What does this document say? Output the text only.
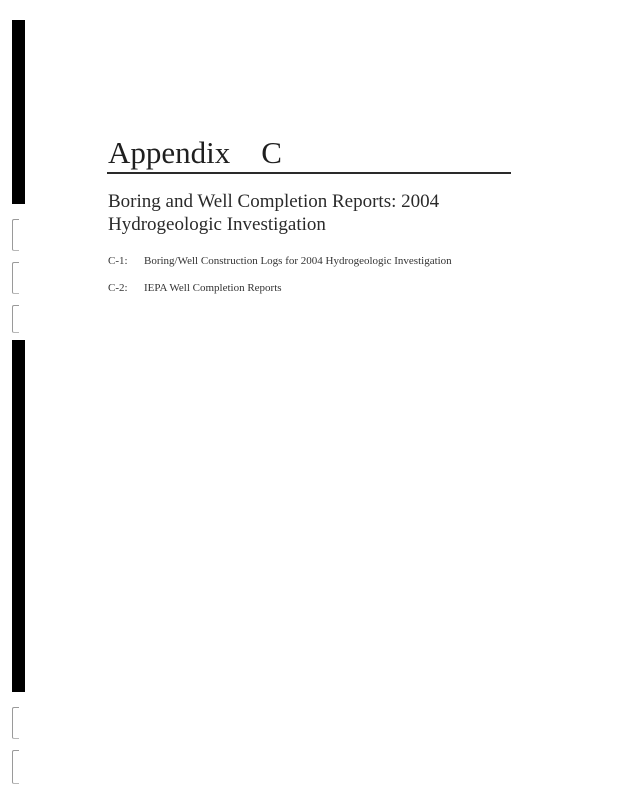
Appendix    C
Boring and Well Completion Reports: 2004
Hydrogeologic Investigation
C-1:	Boring/Well Construction Logs for 2004 Hydrogeologic Investigation
C-2:	IEPA Well Completion Reports
